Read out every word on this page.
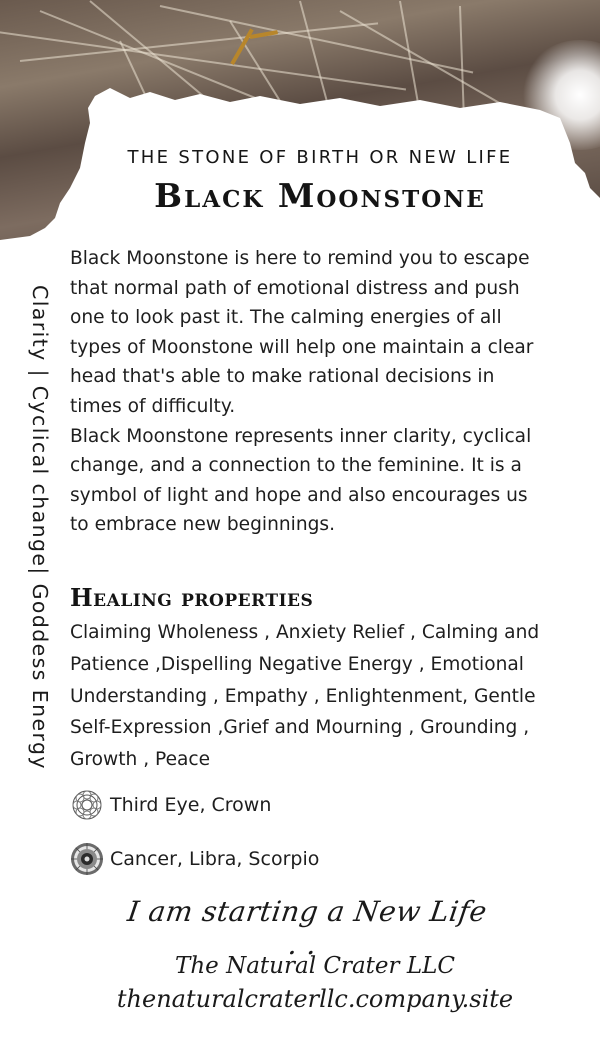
THE STONE OF BIRTH OR NEW LIFE
Black Moonstone
Clarity | Cyclical change| Goddess Energy

Black Moonstone is here to remind you to escape that normal path of emotional distress and push one to look past it. The calming energies of all types of Moonstone will help one maintain a clear head that's able to make rational decisions in times of difficulty.

Black Moonstone represents inner clarity, cyclical change, and a connection to the feminine. It is a symbol of light and hope and also encourages us to embrace new beginnings.

Healing properties
Claiming Wholeness , Anxiety Relief , Calming and Patience ,Dispelling Negative Energy , Emotional Understanding , Empathy , Enlightenment, Gentle Self-Expression ,Grief and Mourning , Grounding , Growth , Peace
Third Eye, Crown
Cancer, Libra, Scorpio
I am starting a New Life . .
The Natural Crater LLC
thenaturalcraterllc.company.site
